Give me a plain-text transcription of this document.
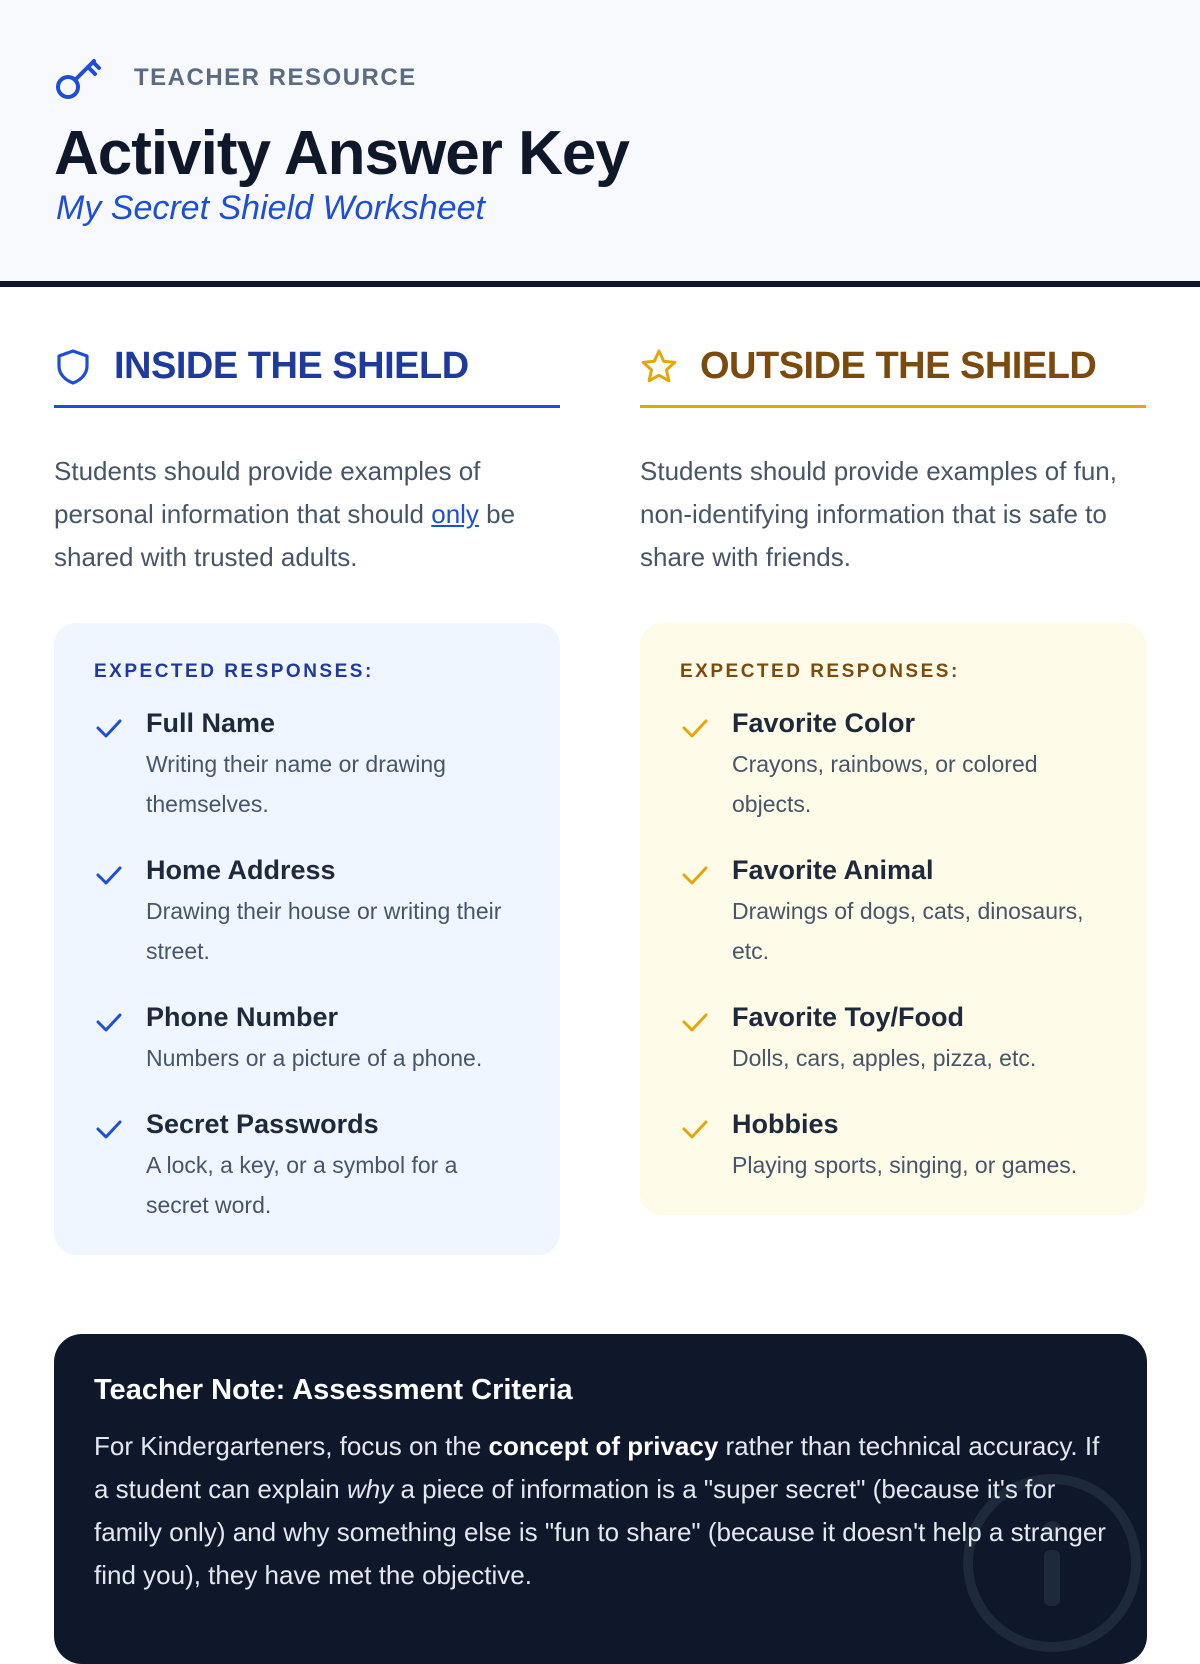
TEACHER RESOURCE
Activity Answer Key
My Secret Shield Worksheet
INSIDE THE SHIELD

Students should provide examples of personal information that should only be shared with trusted adults.

EXPECTED RESPONSES:
Full Name
Writing their name or drawing themselves.
Home Address
Drawing their house or writing their street.
Phone Number
Numbers or a picture of a phone.
Secret Passwords
A lock, a key, or a symbol for a secret word.
OUTSIDE THE SHIELD

Students should provide examples of fun, non-identifying information that is safe to share with friends.

EXPECTED RESPONSES:
Favorite Color
Crayons, rainbows, or colored objects.
Favorite Animal
Drawings of dogs, cats, dinosaurs, etc.
Favorite Toy/Food
Dolls, cars, apples, pizza, etc.
Hobbies
Playing sports, singing, or games.
Teacher Note: Assessment Criteria
For Kindergarteners, focus on the concept of privacy rather than technical accuracy. If a student can explain why a piece of information is a "super secret" (because it's for family only) and why something else is "fun to share" (because it doesn't help a stranger find you), they have met the objective.
